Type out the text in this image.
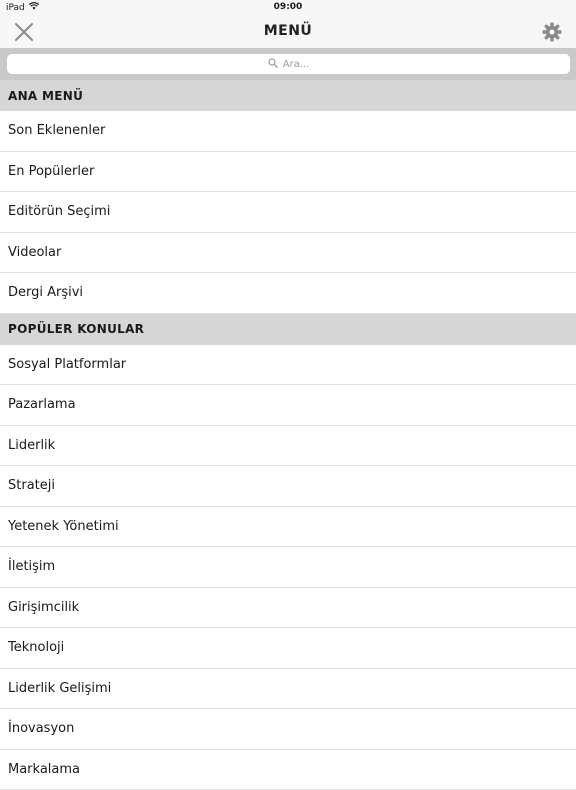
iPad	09:00
MENÜ
Ara...
ANA MENÜ
Son Eklenenler
En Popülerler
Editörün Seçimi
Videolar
Dergi Arşivi
POPÜLER KONULAR
Sosyal Platformlar
Pazarlama
Liderlik
Strateji
Yetenek Yönetimi
İletişim
Girişimcilik
Teknoloji
Liderlik Gelişimi
İnovasyon
Markalama
